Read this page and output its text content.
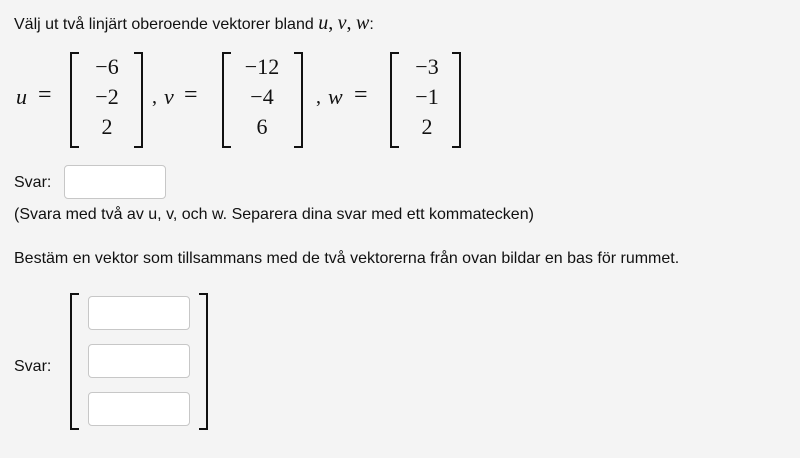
Välj ut två linjärt oberoende vektorer bland u, v, w:
u =
−6
−2
2
, v =
−12
−4
6
, w =
−3
−1
2
Svar:
(Svara med två av u, v, och w. Separera dina svar med ett kommatecken)
Bestäm en vektor som tillsammans med de två vektorerna från ovan bildar en bas för rummet.
Svar:
